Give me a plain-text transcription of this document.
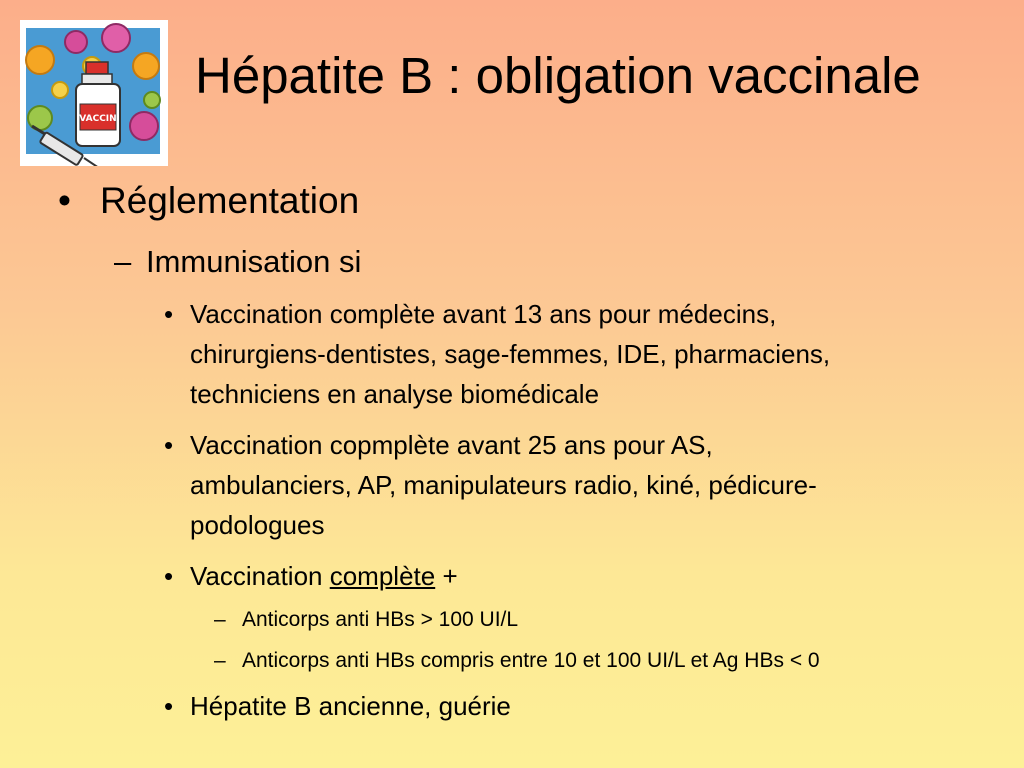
VACCIN
Hépatite B : obligation vaccinale
• Réglementation
– Immunisation si
• Vaccination complète avant 13 ans pour médecins,
chirurgiens-dentistes, sage-femmes, IDE, pharmaciens,
techniciens en analyse biomédicale
• Vaccination copmplète avant 25 ans pour AS,
ambulanciers, AP, manipulateurs radio, kiné, pédicure-
podologues
• Vaccination complète +
– Anticorps anti HBs > 100 UI/L
– Anticorps anti HBs compris entre 10 et 100 UI/L et Ag HBs < 0
• Hépatite B ancienne, guérie
